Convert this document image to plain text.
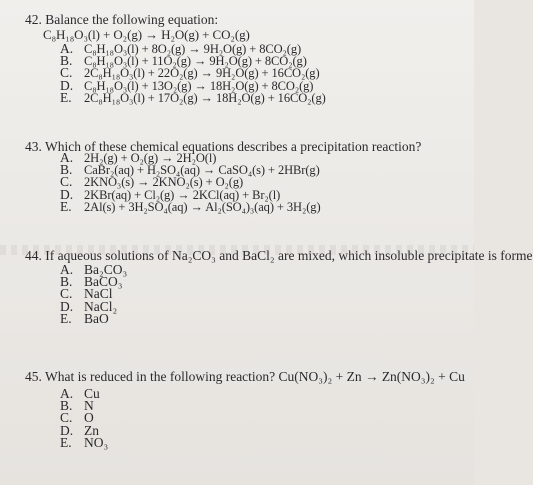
42. Balance the following equation:
C₈H₁₈O₃(l) + O₂(g) → H₂O(g) + CO₂(g)
A. C₈H₁₈O₃(l) + 8O₂(g) → 9H₂O(g) + 8CO₂(g)
B. C₈H₁₈O₃(l) + 11O₂(g) → 9H₂O(g) + 8CO₂(g)
C. 2C₈H₁₈O₃(l) + 22O₂(g) → 9H₂O(g) + 16CO₂(g)
D. C₈H₁₈O₃(l) + 13O₂(g) → 18H₂O(g) + 8CO₂(g)
E. 2C₈H₁₈O₃(l) + 17O₂(g) → 18H₂O(g) + 16CO₂(g)
43. Which of these chemical equations describes a precipitation reaction?
A. 2H₂(g) + O₂(g) → 2H₂O(l)
B. CaBr₂(aq) + H₂SO₄(aq) → CaSO₄(s) + 2HBr(g)
C. 2KNO₃(s) → 2KNO₂(s) + O₂(g)
D. 2KBr(aq) + Cl₂(g) → 2KCl(aq) + Br₂(l)
E. 2Al(s) + 3H₂SO₄(aq) → Al₂(SO₄)₃(aq) + 3H₂(g)
44. If aqueous solutions of Na₂CO₃ and BaCl₂ are mixed, which insoluble precipitate is forme
A. Ba₂CO₃
B. BaCO₃
C. NaCl
D. NaCl₂
E. BaO
45. What is reduced in the following reaction? Cu(NO₃)₂ + Zn → Zn(NO₃)₂ + Cu
A. Cu
B. N
C. O
D. Zn
E. NO₃
